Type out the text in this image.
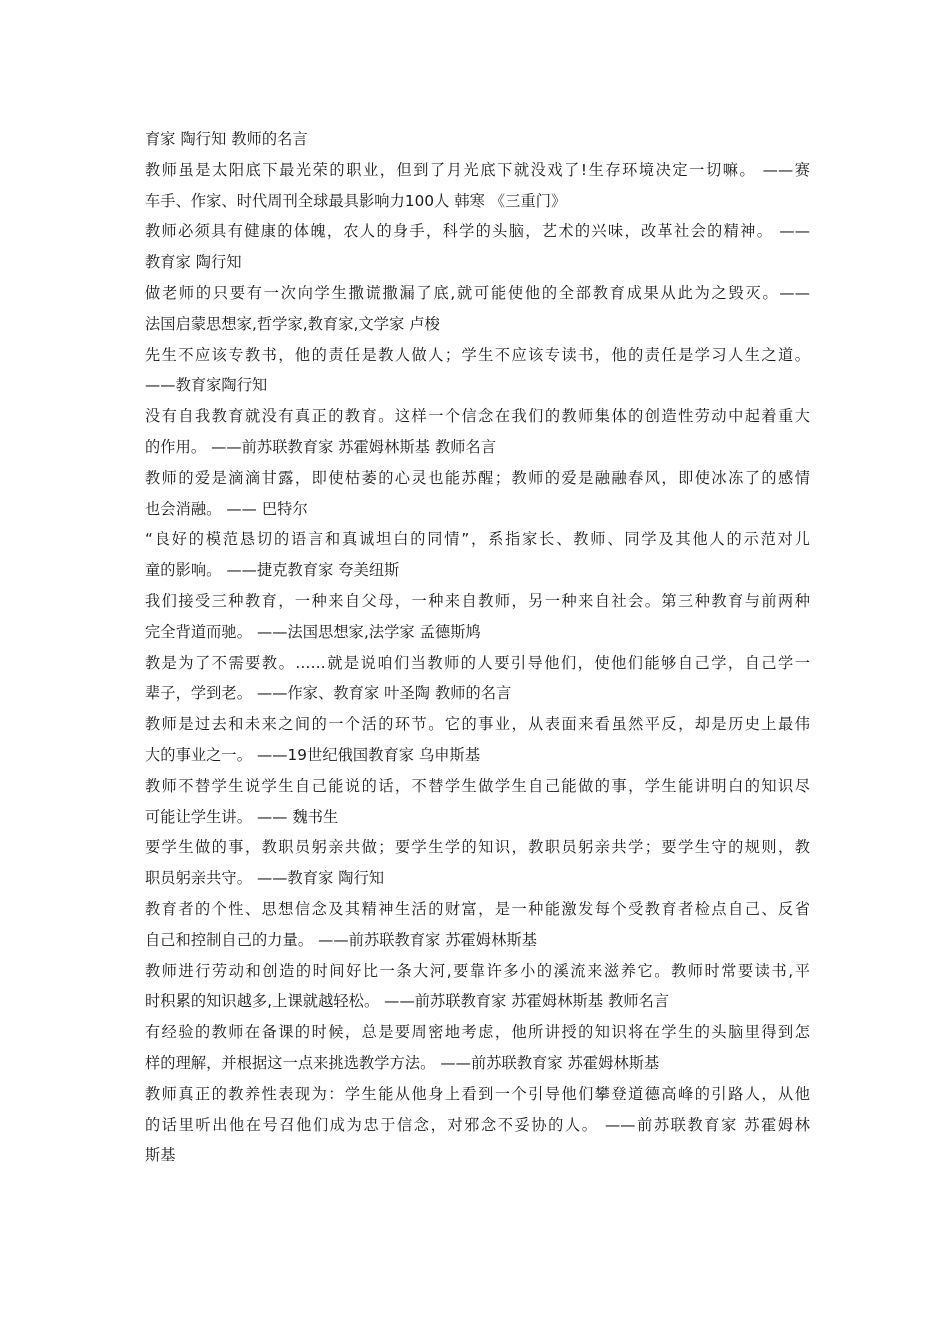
育家 陶行知 教师的名言
教师虽是太阳底下最光荣的职业，但到了月光底下就没戏了!生存环境决定一切嘛。 ——赛
车手、作家、时代周刊全球最具影响力100人 韩寒 《三重门》
教师必须具有健康的体魄，农人的身手，科学的头脑，艺术的兴味，改革社会的精神。 ——
教育家 陶行知
做老师的只要有一次向学生撒谎撒漏了底,就可能使他的全部教育成果从此为之毁灭。——
法国启蒙思想家,哲学家,教育家,文学家 卢梭
先生不应该专教书，他的责任是教人做人；学生不应该专读书，他的责任是学习人生之道。
——教育家陶行知
没有自我教育就没有真正的教育。这样一个信念在我们的教师集体的创造性劳动中起着重大
的作用。 ——前苏联教育家 苏霍姆林斯基 教师名言
教师的爱是滴滴甘露，即使枯萎的心灵也能苏醒；教师的爱是融融春风，即使冰冻了的感情
也会消融。 —— 巴特尔
“良好的模范恳切的语言和真诚坦白的同情”，系指家长、教师、同学及其他人的示范对儿
童的影响。 ——捷克教育家 夸美纽斯
我们接受三种教育，一种来自父母，一种来自教师，另一种来自社会。第三种教育与前两种
完全背道而驰。 ——法国思想家,法学家 孟德斯鸠
教是为了不需要教。……就是说咱们当教师的人要引导他们，使他们能够自己学，自己学一
辈子，学到老。 ——作家、教育家 叶圣陶 教师的名言
教师是过去和未来之间的一个活的环节。它的事业，从表面来看虽然平反，却是历史上最伟
大的事业之一。 ——19世纪俄国教育家 乌申斯基
教师不替学生说学生自己能说的话，不替学生做学生自己能做的事，学生能讲明白的知识尽
可能让学生讲。 —— 魏书生
要学生做的事，教职员躬亲共做；要学生学的知识，教职员躬亲共学；要学生守的规则，教
职员躬亲共守。 ——教育家 陶行知
教育者的个性、思想信念及其精神生活的财富，是一种能激发每个受教育者检点自己、反省
自己和控制自己的力量。 ——前苏联教育家 苏霍姆林斯基
教师进行劳动和创造的时间好比一条大河,要靠许多小的溪流来滋养它。教师时常要读书,平
时积累的知识越多,上课就越轻松。 ——前苏联教育家 苏霍姆林斯基 教师名言
有经验的教师在备课的时候，总是要周密地考虑，他所讲授的知识将在学生的头脑里得到怎
样的理解，并根据这一点来挑选教学方法。 ——前苏联教育家 苏霍姆林斯基
教师真正的教养性表现为：学生能从他身上看到一个引导他们攀登道德高峰的引路人，从他
的话里听出他在号召他们成为忠于信念，对邪念不妥协的人。 ——前苏联教育家 苏霍姆林
斯基
